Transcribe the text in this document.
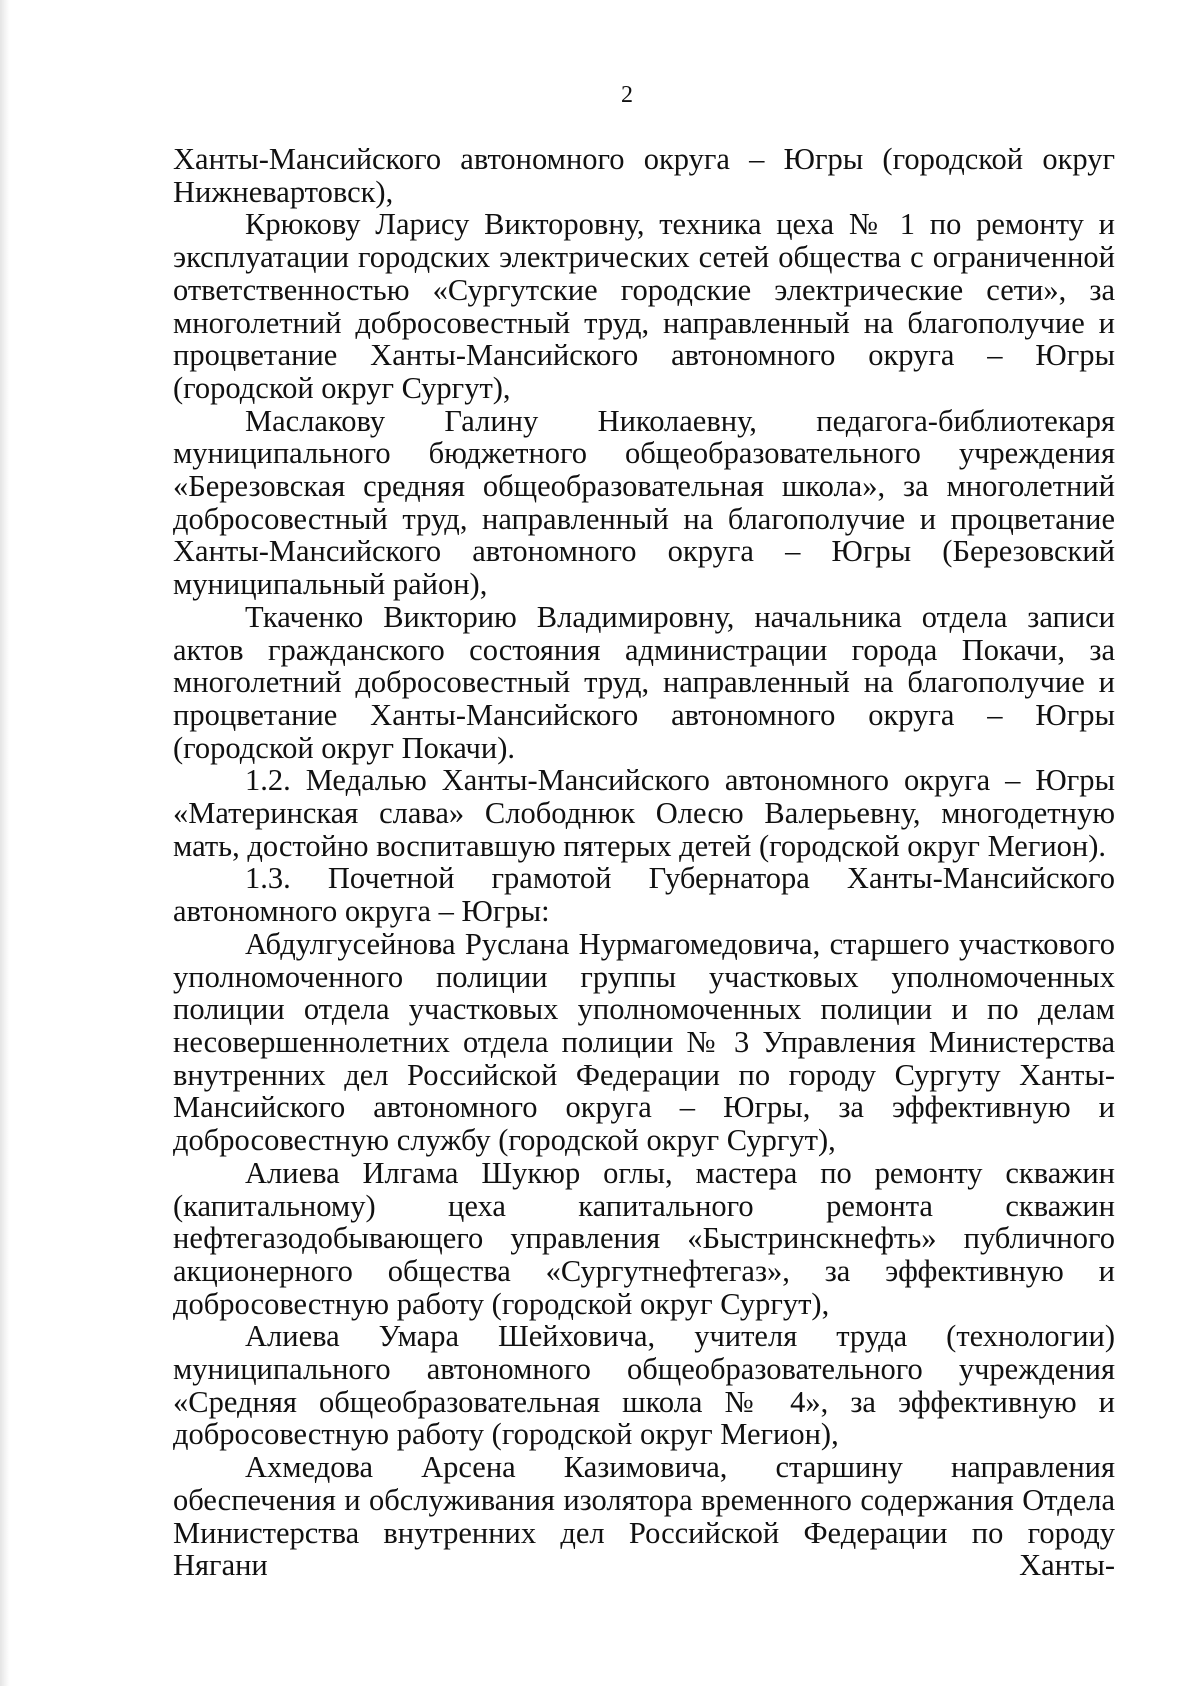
2

Ханты-Мансийского автономного округа – Югры (городской округ Нижневартовск),

Крюкову Ларису Викторовну, техника цеха № 1 по ремонту и эксплуатации городских электрических сетей общества с ограниченной ответственностью «Сургутские городские электрические сети», за многолетний добросовестный труд, направленный на благополучие и процветание Ханты-Мансийского автономного округа – Югры (городской округ Сургут),

Маслакову Галину Николаевну, педагога-библиотекаря муниципального бюджетного общеобразовательного учреждения «Березовская средняя общеобразовательная школа», за многолетний добросовестный труд, направленный на благополучие и процветание Ханты-Мансийского автономного округа – Югры (Березовский муниципальный район),

Ткаченко Викторию Владимировну, начальника отдела записи актов гражданского состояния администрации города Покачи, за многолетний добросовестный труд, направленный на благополучие и процветание Ханты-Мансийского автономного округа – Югры (городской округ Покачи).

1.2. Медалью Ханты-Мансийского автономного округа – Югры «Материнская слава» Слободнюк Олесю Валерьевну, многодетную мать, достойно воспитавшую пятерых детей (городской округ Мегион).

1.3. Почетной грамотой Губернатора Ханты-Мансийского автономного округа – Югры:

Абдулгусейнова Руслана Нурмагомедовича, старшего участкового уполномоченного полиции группы участковых уполномоченных полиции отдела участковых уполномоченных полиции и по делам несовершеннолетних отдела полиции № 3 Управления Министерства внутренних дел Российской Федерации по городу Сургуту Ханты-Мансийского автономного округа – Югры, за эффективную и добросовестную службу (городской округ Сургут),

Алиева Илгама Шукюр оглы, мастера по ремонту скважин (капитальному) цеха капитального ремонта скважин нефтегазодобывающего управления «Быстринскнефть» публичного акционерного общества «Сургутнефтегаз», за эффективную и добросовестную работу (городской округ Сургут),

Алиева Умара Шейховича, учителя труда (технологии) муниципального автономного общеобразовательного учреждения «Средняя общеобразовательная школа № 4», за эффективную и добросовестную работу (городской округ Мегион),

Ахмедова Арсена Казимовича, старшину направления обеспечения и обслуживания изолятора временного содержания Отдела Министерства внутренних дел Российской Федерации по городу Нягани Ханты-
